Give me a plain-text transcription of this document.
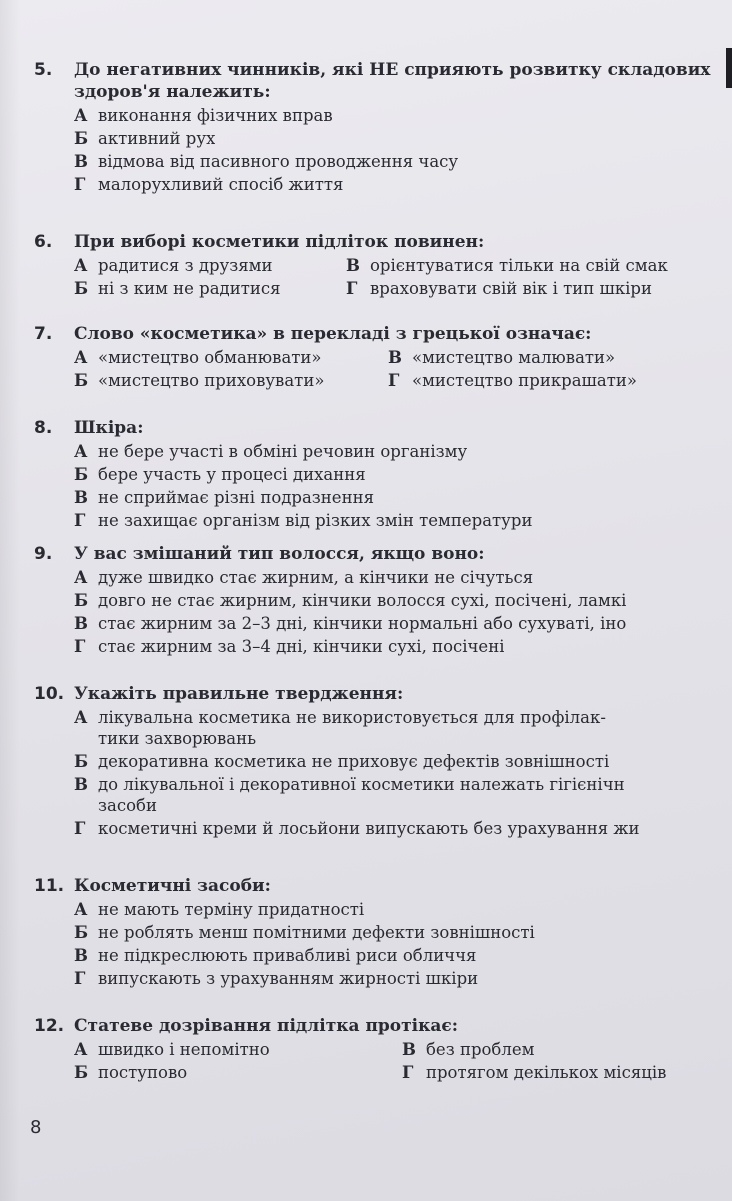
5.	До негативних чинників, які НЕ сприяють розвитку складових
здоров'я належить:
А виконання фізичних вправ
Б активний рух
В відмова від пасивного проводження часу
Г малорухливий спосіб життя
6.	При виборі косметики підліток повинен:
А радитися з друзями	В орієнтуватися тільки на свій смак
Б ні з ким не радитися	Г враховувати свій вік і тип шкіри
7.	Слово «косметика» в перекладі з грецької означає:
А «мистецтво обманювати»	В «мистецтво малювати»
Б «мистецтво приховувати»	Г «мистецтво прикрашати»
8.	Шкіра:
А не бере участі в обміні речовин організму
Б бере участь у процесі дихання
В не сприймає різні подразнення
Г не захищає організм від різких змін температури
9.	У вас змішаний тип волосся, якщо воно:
А дуже швидко стає жирним, а кінчики не січуться
Б довго не стає жирним, кінчики волосся сухі, посічені, ламкі
В стає жирним за 2–3 дні, кінчики нормальні або сухуваті, іно
Г стає жирним за 3–4 дні, кінчики сухі, посічені
10. Укажіть правильне твердження:
А лікувальна косметика не використовується для профілак-
тики захворювань
Б декоративна косметика не приховує дефектів зовнішності
В до лікувальної і декоративної косметики належать гігієнічн
засоби
Г косметичні креми й лосьйони випускають без урахування жи
11. Косметичні засоби:
А не мають терміну придатності
Б не роблять менш помітними дефекти зовнішності
В не підкреслюють привабливі риси обличчя
Г випускають з урахуванням жирності шкіри
12. Статеве дозрівання підлітка протікає:
А швидко і непомітно	В без проблем
Б поступово	Г протягом декількох місяців
8
